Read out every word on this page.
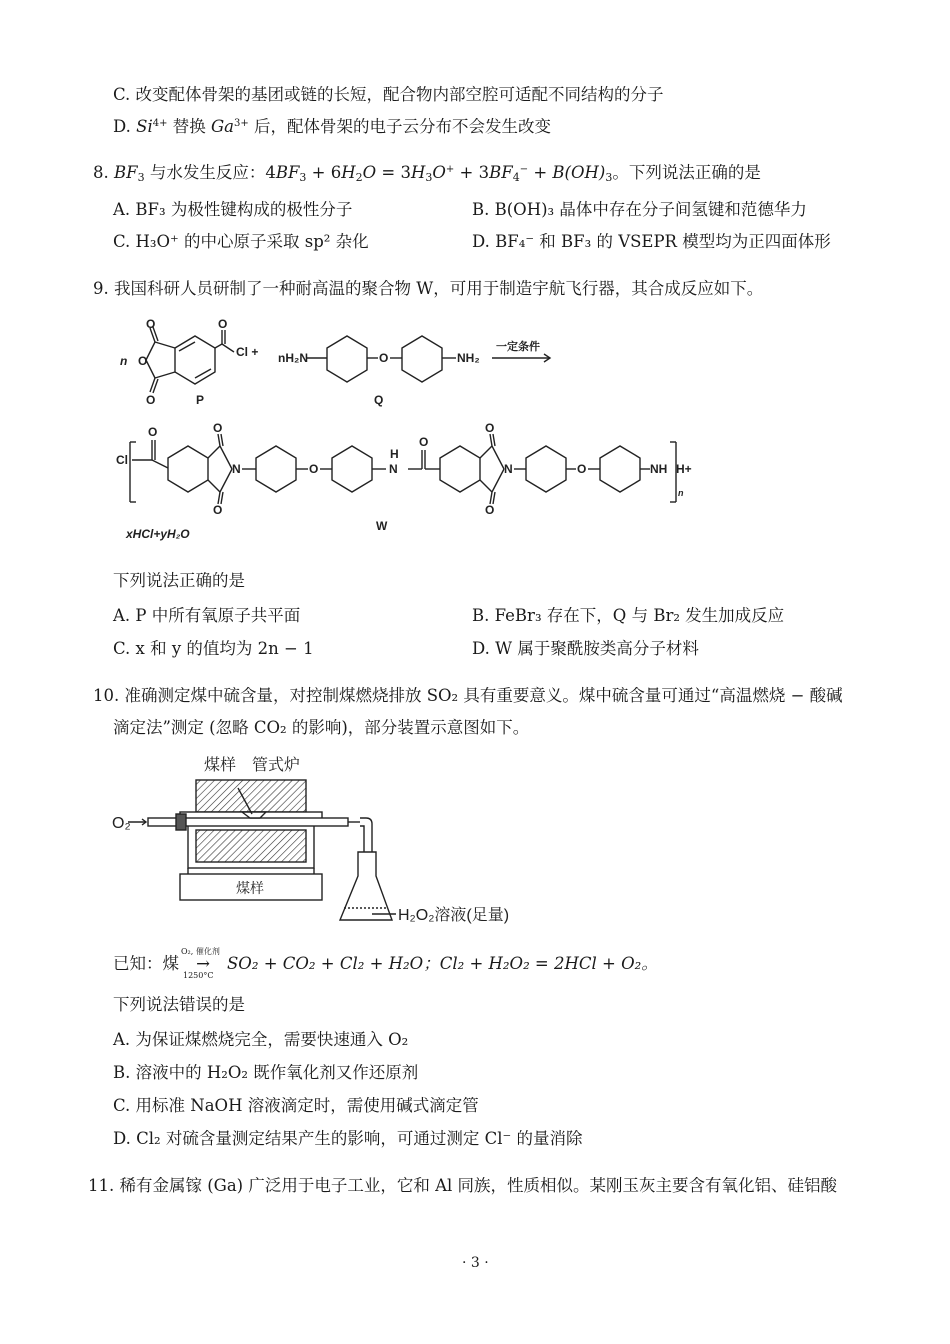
C. 改变配体骨架的基团或链的长短，配合物内部空腔可适配不同结构的分子
D. $Si^{4+}$ 替换 $Ga^{3+}$ 后，配体骨架的电子云分布不会发生改变
8. $BF_3$ 与水发生反应：$4BF_3 + 6H_2O = 3H_3O^+ + 3BF_4^- + B(OH)_3$。下列说法正确的是
A. BF₃ 为极性键构成的极性分子	B. B(OH)₃ 晶体中存在分子间氢键和范德华力
C. H₃O⁺ 的中心原子采取 sp² 杂化	D. BF₄⁻ 和 BF₃ 的 VSEPR 模型均为正四面体形
9. 我国科研人员研制了一种耐高温的聚合物 W，可用于制造宇航飞行器，其合成反应如下。
O
O
O
n
O
Cl + nH₂N	O	NH₂
一定条件
P	Q
Cl
O	O
O
N	O
H
N
O
O
O
N	O	NH H+
n
W
xHCl+yH₂O
下列说法正确的是
A. P 中所有氧原子共平面	B. FeBr₃ 存在下，Q 与 Br₂ 发生加成反应
C. x 和 y 的值均为 2n − 1	D. W 属于聚酰胺类高分子材料
10. 准确测定煤中硫含量，对控制煤燃烧排放 SO₂ 具有重要意义。煤中硫含量可通过“高温燃烧 − 酸碱
滴定法”测定 (忽略 CO₂ 的影响)，部分装置示意图如下。
煤样 管式炉
O₂
煤样
H₂O₂溶液(足量)
已知：煤
O₂, 催化剂
→
1250°C
SO₂ + CO₂ + Cl₂ + H₂O；Cl₂ + H₂O₂ = 2HCl + O₂。
下列说法错误的是
A. 为保证煤燃烧完全，需要快速通入 O₂
B. 溶液中的 H₂O₂ 既作氧化剂又作还原剂
C. 用标准 NaOH 溶液滴定时，需使用碱式滴定管
D. Cl₂ 对硫含量测定结果产生的影响，可通过测定 Cl⁻ 的量消除
11. 稀有金属镓 (Ga) 广泛用于电子工业，它和 Al 同族，性质相似。某刚玉灰主要含有氧化铝、硅铝酸
· 3 ·
